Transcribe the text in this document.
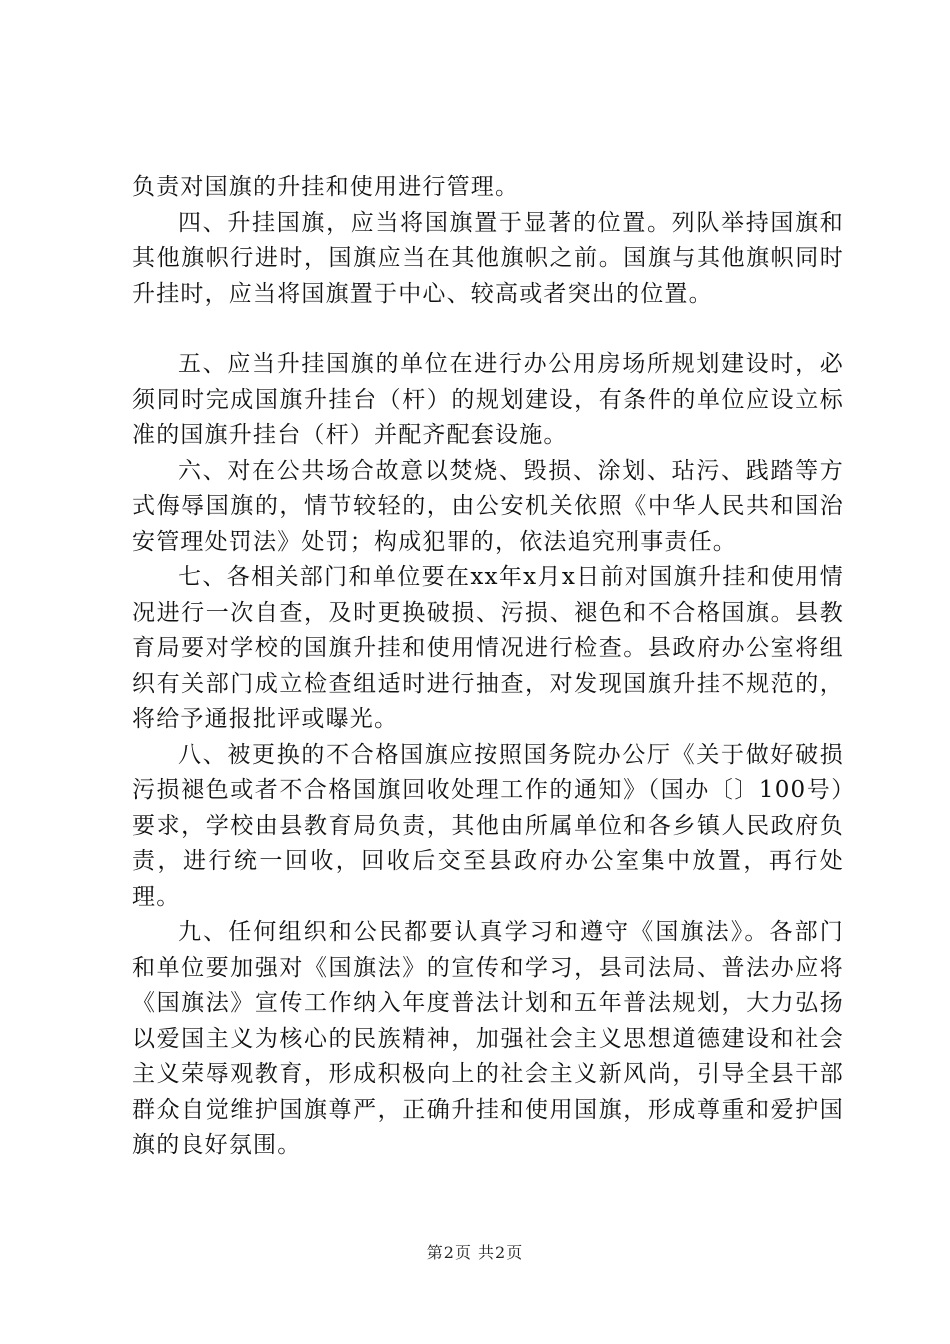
负责对国旗的升挂和使用进行管理。

四、升挂国旗，应当将国旗置于显著的位置。列队举持国旗和其他旗帜行进时，国旗应当在其他旗帜之前。国旗与其他旗帜同时升挂时，应当将国旗置于中心、较高或者突出的位置。

五、应当升挂国旗的单位在进行办公用房场所规划建设时，必须同时完成国旗升挂台（杆）的规划建设，有条件的单位应设立标准的国旗升挂台（杆）并配齐配套设施。

六、对在公共场合故意以焚烧、毁损、涂划、玷污、践踏等方式侮辱国旗的，情节较轻的，由公安机关依照《中华人民共和国治安管理处罚法》处罚；构成犯罪的，依法追究刑事责任。

七、各相关部门和单位要在xx年x月x日前对国旗升挂和使用情况进行一次自查，及时更换破损、污损、褪色和不合格国旗。县教育局要对学校的国旗升挂和使用情况进行检查。县政府办公室将组织有关部门成立检查组适时进行抽查，对发现国旗升挂不规范的，将给予通报批评或曝光。

八、被更换的不合格国旗应按照国务院办公厅《关于做好破损污损褪色或者不合格国旗回收处理工作的通知》（国办〔〕100号）要求，学校由县教育局负责，其他由所属单位和各乡镇人民政府负责，进行统一回收，回收后交至县政府办公室集中放置，再行处理。

九、任何组织和公民都要认真学习和遵守《国旗法》。各部门和单位要加强对《国旗法》的宣传和学习，县司法局、普法办应将《国旗法》宣传工作纳入年度普法计划和五年普法规划，大力弘扬以爱国主义为核心的民族精神，加强社会主义思想道德建设和社会主义荣辱观教育，形成积极向上的社会主义新风尚，引导全县干部群众自觉维护国旗尊严，正确升挂和使用国旗，形成尊重和爱护国旗的良好氛围。

第2页 共2页
